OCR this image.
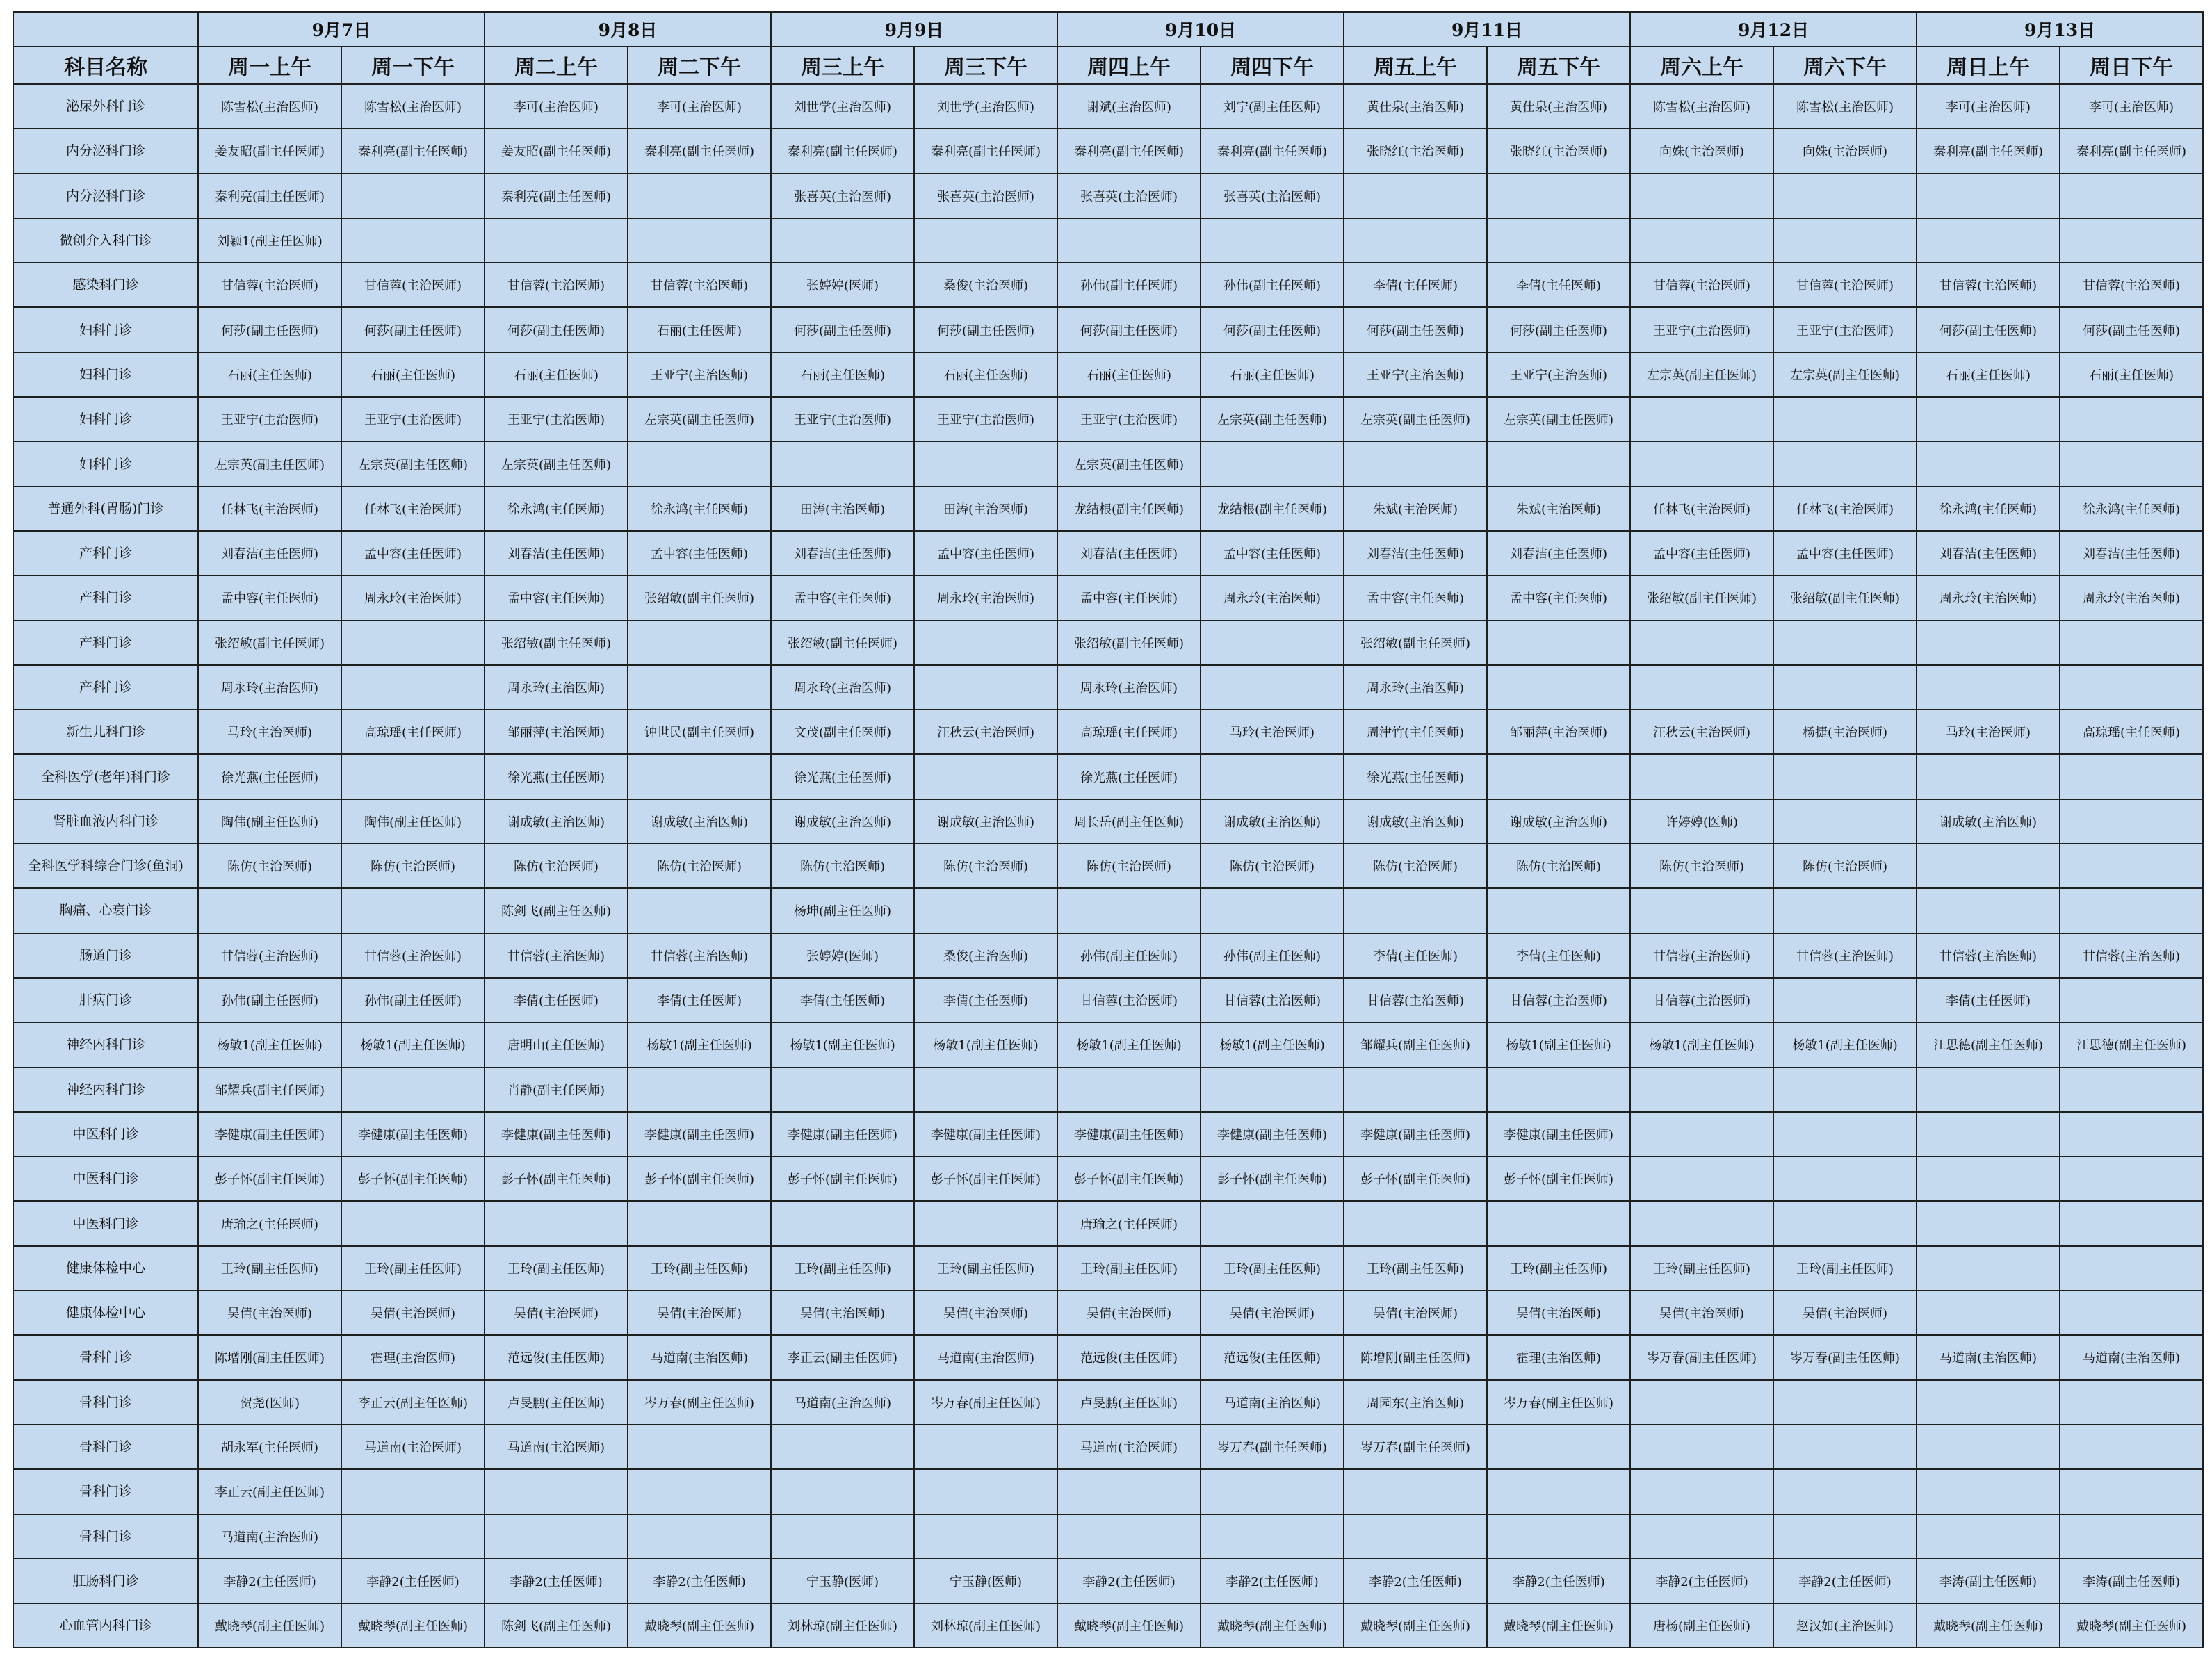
	9月7日		9月8日		9月9日		9月10日		9月11日		9月12日		9月13日	
科目名称	周一上午	周一下午	周二上午	周二下午	周三上午	周三下午	周四上午	周四下午	周五上午	周五下午	周六上午	周六下午	周日上午	周日下午
泌尿外科门诊	陈雪松(主治医师)	陈雪松(主治医师)	李可(主治医师)	李可(主治医师)	刘世学(主治医师)	刘世学(主治医师)	谢斌(主治医师)	刘宁(副主任医师)	黄仕泉(主治医师)	黄仕泉(主治医师)	陈雪松(主治医师)	陈雪松(主治医师)	李可(主治医师)	李可(主治医师)
内分泌科门诊	姜友昭(副主任医师)	秦利亮(副主任医师)	姜友昭(副主任医师)	秦利亮(副主任医师)	秦利亮(副主任医师)	秦利亮(副主任医师)	秦利亮(副主任医师)	秦利亮(副主任医师)	张晓红(主治医师)	张晓红(主治医师)	向姝(主治医师)	向姝(主治医师)	秦利亮(副主任医师)	秦利亮(副主任医师)
内分泌科门诊	秦利亮(副主任医师)		秦利亮(副主任医师)		张喜英(主治医师)	张喜英(主治医师)	张喜英(主治医师)	张喜英(主治医师)						
微创介入科门诊	刘颖1(副主任医师)													
感染科门诊	甘信蓉(主治医师)	甘信蓉(主治医师)	甘信蓉(主治医师)	甘信蓉(主治医师)	张婷婷(医师)	桑俊(主治医师)	孙伟(副主任医师)	孙伟(副主任医师)	李倩(主任医师)	李倩(主任医师)	甘信蓉(主治医师)	甘信蓉(主治医师)	甘信蓉(主治医师)	甘信蓉(主治医师)
妇科门诊	何莎(副主任医师)	何莎(副主任医师)	何莎(副主任医师)	石丽(主任医师)	何莎(副主任医师)	何莎(副主任医师)	何莎(副主任医师)	何莎(副主任医师)	何莎(副主任医师)	何莎(副主任医师)	王亚宁(主治医师)	王亚宁(主治医师)	何莎(副主任医师)	何莎(副主任医师)
妇科门诊	石丽(主任医师)	石丽(主任医师)	石丽(主任医师)	王亚宁(主治医师)	石丽(主任医师)	石丽(主任医师)	石丽(主任医师)	石丽(主任医师)	王亚宁(主治医师)	王亚宁(主治医师)	左宗英(副主任医师)	左宗英(副主任医师)	石丽(主任医师)	石丽(主任医师)
妇科门诊	王亚宁(主治医师)	王亚宁(主治医师)	王亚宁(主治医师)	左宗英(副主任医师)	王亚宁(主治医师)	王亚宁(主治医师)	王亚宁(主治医师)	左宗英(副主任医师)	左宗英(副主任医师)	左宗英(副主任医师)				
妇科门诊	左宗英(副主任医师)	左宗英(副主任医师)	左宗英(副主任医师)				左宗英(副主任医师)							
普通外科(胃肠)门诊	任林飞(主治医师)	任林飞(主治医师)	徐永鸿(主任医师)	徐永鸿(主任医师)	田涛(主治医师)	田涛(主治医师)	龙结根(副主任医师)	龙结根(副主任医师)	朱斌(主治医师)	朱斌(主治医师)	任林飞(主治医师)	任林飞(主治医师)	徐永鸿(主任医师)	徐永鸿(主任医师)
产科门诊	刘春洁(主任医师)	孟中容(主任医师)	刘春洁(主任医师)	孟中容(主任医师)	刘春洁(主任医师)	孟中容(主任医师)	刘春洁(主任医师)	孟中容(主任医师)	刘春洁(主任医师)	刘春洁(主任医师)	孟中容(主任医师)	孟中容(主任医师)	刘春洁(主任医师)	刘春洁(主任医师)
产科门诊	孟中容(主任医师)	周永玲(主治医师)	孟中容(主任医师)	张绍敏(副主任医师)	孟中容(主任医师)	周永玲(主治医师)	孟中容(主任医师)	周永玲(主治医师)	孟中容(主任医师)	孟中容(主任医师)	张绍敏(副主任医师)	张绍敏(副主任医师)	周永玲(主治医师)	周永玲(主治医师)
产科门诊	张绍敏(副主任医师)		张绍敏(副主任医师)		张绍敏(副主任医师)		张绍敏(副主任医师)		张绍敏(副主任医师)					
产科门诊	周永玲(主治医师)		周永玲(主治医师)		周永玲(主治医师)		周永玲(主治医师)		周永玲(主治医师)					
新生儿科门诊	马玲(主治医师)	高琼瑶(主任医师)	邹丽萍(主治医师)	钟世民(副主任医师)	文茂(副主任医师)	汪秋云(主治医师)	高琼瑶(主任医师)	马玲(主治医师)	周津竹(主任医师)	邹丽萍(主治医师)	汪秋云(主治医师)	杨捷(主治医师)	马玲(主治医师)	高琼瑶(主任医师)
全科医学(老年)科门诊	徐光燕(主任医师)		徐光燕(主任医师)		徐光燕(主任医师)		徐光燕(主任医师)		徐光燕(主任医师)					
肾脏血液内科门诊	陶伟(副主任医师)	陶伟(副主任医师)	谢成敏(主治医师)	谢成敏(主治医师)	谢成敏(主治医师)	谢成敏(主治医师)	周长岳(副主任医师)	谢成敏(主治医师)	谢成敏(主治医师)	谢成敏(主治医师)	许婷婷(医师)		谢成敏(主治医师)	
全科医学科综合门诊(鱼洞)	陈仿(主治医师)	陈仿(主治医师)	陈仿(主治医师)	陈仿(主治医师)	陈仿(主治医师)	陈仿(主治医师)	陈仿(主治医师)	陈仿(主治医师)	陈仿(主治医师)	陈仿(主治医师)	陈仿(主治医师)	陈仿(主治医师)		
胸痛、心衰门诊			陈剑飞(副主任医师)		杨坤(副主任医师)									
肠道门诊	甘信蓉(主治医师)	甘信蓉(主治医师)	甘信蓉(主治医师)	甘信蓉(主治医师)	张婷婷(医师)	桑俊(主治医师)	孙伟(副主任医师)	孙伟(副主任医师)	李倩(主任医师)	李倩(主任医师)	甘信蓉(主治医师)	甘信蓉(主治医师)	甘信蓉(主治医师)	甘信蓉(主治医师)
肝病门诊	孙伟(副主任医师)	孙伟(副主任医师)	李倩(主任医师)	李倩(主任医师)	李倩(主任医师)	李倩(主任医师)	甘信蓉(主治医师)	甘信蓉(主治医师)	甘信蓉(主治医师)	甘信蓉(主治医师)	甘信蓉(主治医师)		李倩(主任医师)	
神经内科门诊	杨敏1(副主任医师)	杨敏1(副主任医师)	唐明山(主任医师)	杨敏1(副主任医师)	杨敏1(副主任医师)	杨敏1(副主任医师)	杨敏1(副主任医师)	杨敏1(副主任医师)	邹耀兵(副主任医师)	杨敏1(副主任医师)	杨敏1(副主任医师)	杨敏1(副主任医师)	江思德(副主任医师)	江思德(副主任医师)
神经内科门诊	邹耀兵(副主任医师)		肖静(副主任医师)											
中医科门诊	李健康(副主任医师)	李健康(副主任医师)	李健康(副主任医师)	李健康(副主任医师)	李健康(副主任医师)	李健康(副主任医师)	李健康(副主任医师)	李健康(副主任医师)	李健康(副主任医师)	李健康(副主任医师)				
中医科门诊	彭子怀(副主任医师)	彭子怀(副主任医师)	彭子怀(副主任医师)	彭子怀(副主任医师)	彭子怀(副主任医师)	彭子怀(副主任医师)	彭子怀(副主任医师)	彭子怀(副主任医师)	彭子怀(副主任医师)	彭子怀(副主任医师)				
中医科门诊	唐瑜之(主任医师)						唐瑜之(主任医师)							
健康体检中心	王玲(副主任医师)	王玲(副主任医师)	王玲(副主任医师)	王玲(副主任医师)	王玲(副主任医师)	王玲(副主任医师)	王玲(副主任医师)	王玲(副主任医师)	王玲(副主任医师)	王玲(副主任医师)	王玲(副主任医师)	王玲(副主任医师)		
健康体检中心	吴倩(主治医师)	吴倩(主治医师)	吴倩(主治医师)	吴倩(主治医师)	吴倩(主治医师)	吴倩(主治医师)	吴倩(主治医师)	吴倩(主治医师)	吴倩(主治医师)	吴倩(主治医师)	吴倩(主治医师)	吴倩(主治医师)		
骨科门诊	陈增刚(副主任医师)	霍理(主治医师)	范远俊(主任医师)	马道南(主治医师)	李正云(副主任医师)	马道南(主治医师)	范远俊(主任医师)	范远俊(主任医师)	陈增刚(副主任医师)	霍理(主治医师)	岑万春(副主任医师)	岑万春(副主任医师)	马道南(主治医师)	马道南(主治医师)
骨科门诊	贺尧(医师)	李正云(副主任医师)	卢旻鹏(主任医师)	岑万春(副主任医师)	马道南(主治医师)	岑万春(副主任医师)	卢旻鹏(主任医师)	马道南(主治医师)	周园东(主治医师)	岑万春(副主任医师)				
骨科门诊	胡永军(主任医师)	马道南(主治医师)	马道南(主治医师)				马道南(主治医师)	岑万春(副主任医师)	岑万春(副主任医师)					
骨科门诊	李正云(副主任医师)													
骨科门诊	马道南(主治医师)													
肛肠科门诊	李静2(主任医师)	李静2(主任医师)	李静2(主任医师)	李静2(主任医师)	宁玉静(医师)	宁玉静(医师)	李静2(主任医师)	李静2(主任医师)	李静2(主任医师)	李静2(主任医师)	李静2(主任医师)	李静2(主任医师)	李涛(副主任医师)	李涛(副主任医师)
心血管内科门诊	戴晓琴(副主任医师)	戴晓琴(副主任医师)	陈剑飞(副主任医师)	戴晓琴(副主任医师)	刘林琼(副主任医师)	刘林琼(副主任医师)	戴晓琴(副主任医师)	戴晓琴(副主任医师)	戴晓琴(副主任医师)	戴晓琴(副主任医师)	唐杨(副主任医师)	赵汉如(主治医师)	戴晓琴(副主任医师)	戴晓琴(副主任医师)
